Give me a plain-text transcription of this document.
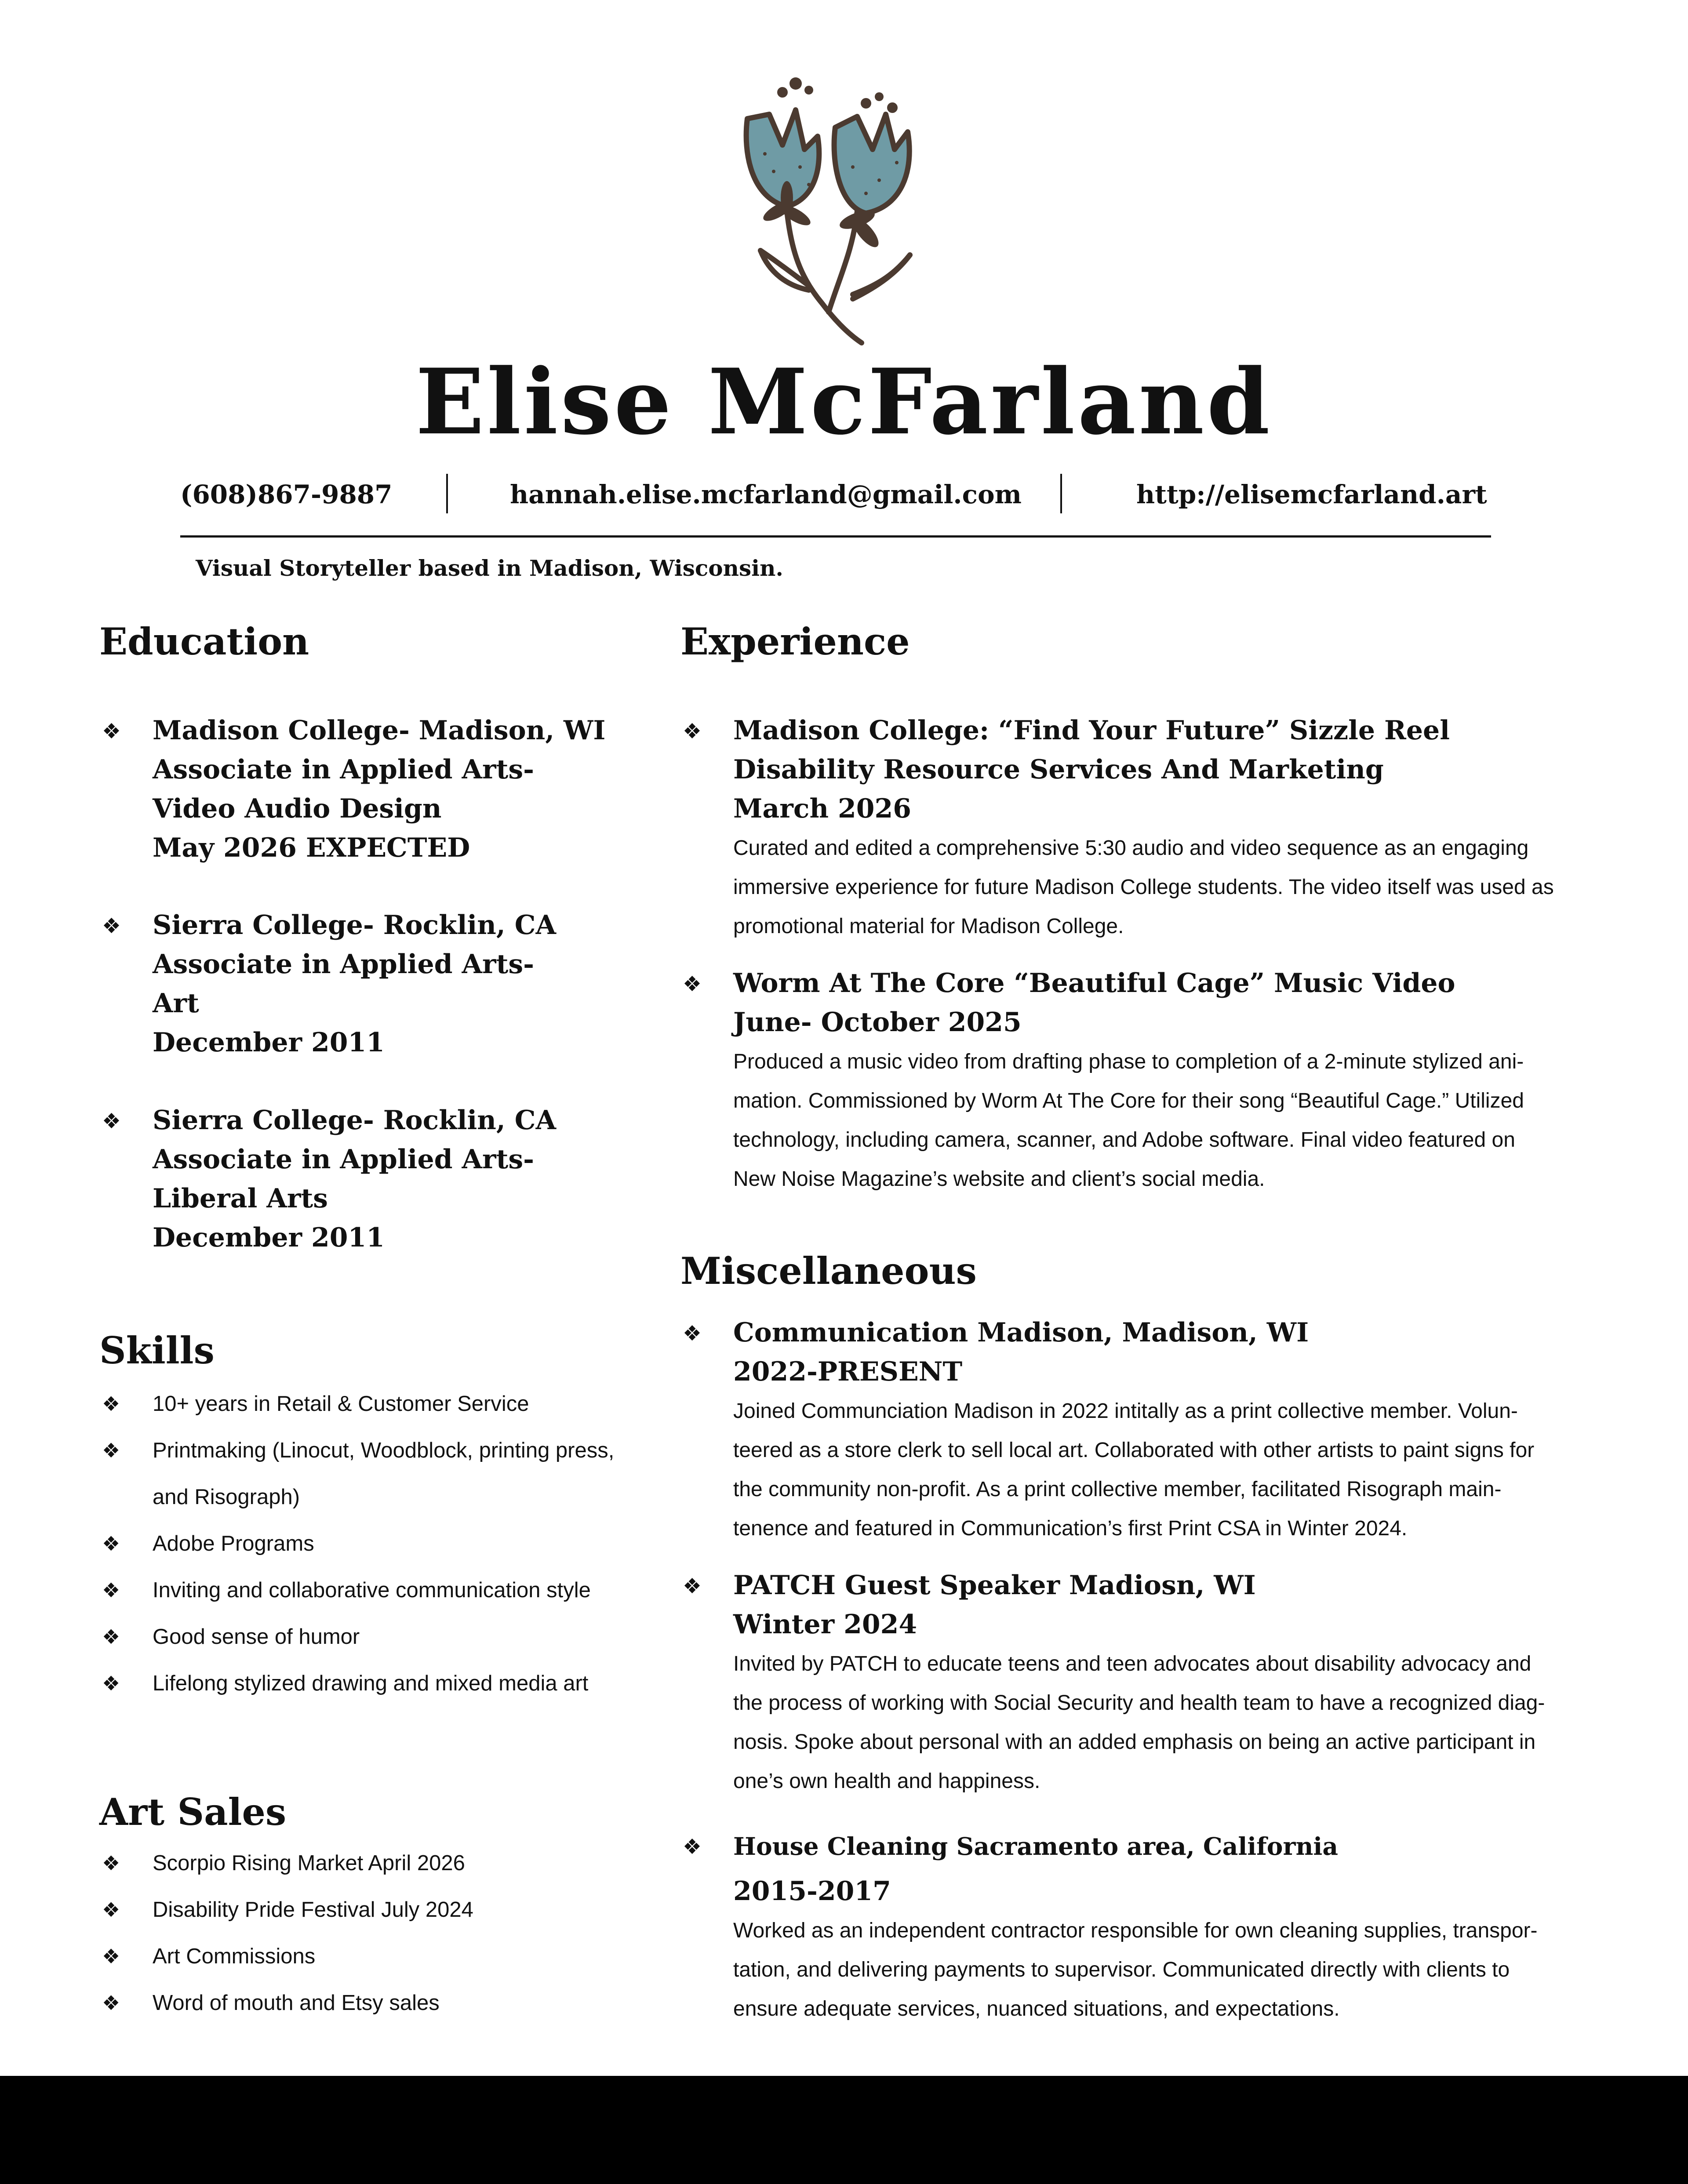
Elise McFarland
(608)867-9887	hannah.elise.mcfarland@gmail.com	http://elisemcfarland.art
Visual Storyteller based in Madison, Wisconsin.
Education
❖ Madison College- Madison, WI
Associate in Applied Arts-
Video Audio Design
May 2026 EXPECTED
❖ Sierra College- Rocklin, CA
Associate in Applied Arts-
Art
December 2011
❖ Sierra College- Rocklin, CA
Associate in Applied Arts-
Liberal Arts
December 2011
Skills
❖ 10+ years in Retail & Customer Service
❖ Printmaking (Linocut, Woodblock, printing press,
and Risograph)
❖ Adobe Programs
❖ Inviting and collaborative communication style
❖ Good sense of humor
❖ Lifelong stylized drawing and mixed media art
Art Sales
❖ Scorpio Rising Market April 2026
❖ Disability Pride Festival July 2024
❖ Art Commissions
❖ Word of mouth and Etsy sales
Experience
❖ Madison College: “Find Your Future” Sizzle Reel
Disability Resource Services And Marketing
March 2026
Curated and edited a comprehensive 5:30 audio and video sequence as an engaging
immersive experience for future Madison College students. The video itself was used as
promotional material for Madison College.
❖ Worm At The Core “Beautiful Cage” Music Video
June- October 2025
Produced a music video from drafting phase to completion of a 2-minute stylized ani-
mation. Commissioned by Worm At The Core for their song “Beautiful Cage.” Utilized
technology, including camera, scanner, and Adobe software. Final video featured on
New Noise Magazine’s website and client’s social media.
Miscellaneous
❖ Communication Madison, Madison, WI
2022-PRESENT
Joined Communciation Madison in 2022 intitally as a print collective member. Volun-
teered as a store clerk to sell local art. Collaborated with other artists to paint signs for
the community non-profit. As a print collective member, facilitated Risograph main-
tenence and featured in Communication’s first Print CSA in Winter 2024.
❖ PATCH Guest Speaker Madiosn, WI
Winter 2024
Invited by PATCH to educate teens and teen advocates about disability advocacy and
the process of working with Social Security and health team to have a recognized diag-
nosis. Spoke about personal with an added emphasis on being an active participant in
one’s own health and happiness.
❖ House Cleaning Sacramento area, California
2015-2017
Worked as an independent contractor responsible for own cleaning supplies, transpor-
tation, and delivering payments to supervisor. Communicated directly with clients to
ensure adequate services, nuanced situations, and expectations.
